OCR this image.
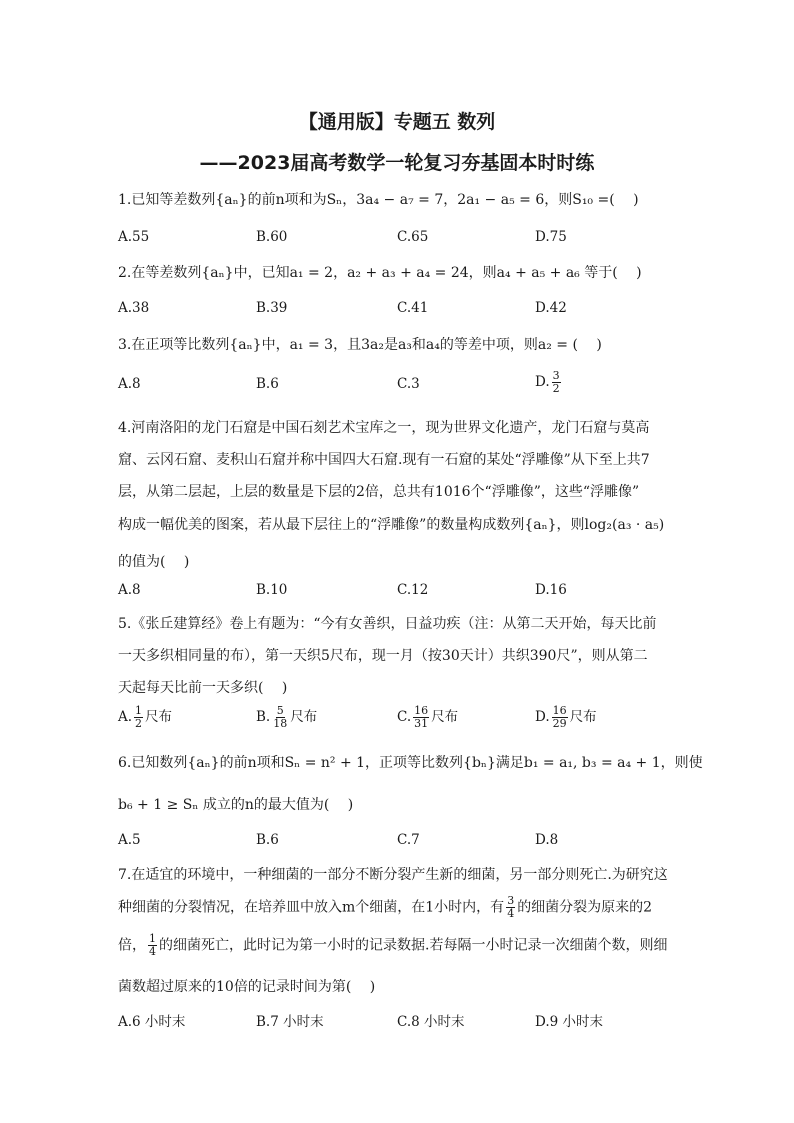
【通用版】专题五 数列
——2023届高考数学一轮复习夯基固本时时练
1.已知等差数列{aₙ}的前n项和为Sₙ，3a₄ − a₇ = 7，2a₁ − a₅ = 6，则S₁₀ =(　 )
A.55	B.60	C.65	D.75
2.在等差数列{aₙ}中，已知a₁ = 2，a₂ + a₃ + a₄ = 24，则a₄ + a₅ + a₆ 等于(　 )
A.38	B.39	C.41	D.42
3.在正项等比数列{aₙ}中，a₁ = 3，且3a₂是a₃和a₄的等差中项，则a₂ = (　 )
A.8	B.6	C.3	D. $\frac{3}{2}$
4.河南洛阳的龙门石窟是中国石刻艺术宝库之一，现为世界文化遗产，龙门石窟与莫高
窟、云冈石窟、麦积山石窟并称中国四大石窟.现有一石窟的某处“浮雕像”从下至上共7
层，从第二层起，上层的数量是下层的2倍，总共有1016个“浮雕像”，这些“浮雕像”
构成一幅优美的图案，若从最下层往上的“浮雕像”的数量构成数列{aₙ}，则log₂(a₃ · a₅)
的值为(　 )
A.8	B.10	C.12	D.16
5.《张丘建算经》卷上有题为：“今有女善织，日益功疾（注：从第二天开始，每天比前
一天多织相同量的布），第一天织5尺布，现一月（按30天计）共织390尺”，则从第二
天起每天比前一天多织(　 )
A. $\frac{1}{2}$ 尺布	B. $\frac{5}{18}$ 尺布	C. $\frac{16}{31}$ 尺布	D. $\frac{16}{29}$ 尺布
6.已知数列{aₙ}的前n项和Sₙ = n² + 1，正项等比数列{bₙ}满足b₁ = a₁, b₃ = a₄ + 1，则使
b₆ + 1 ≥ Sₙ 成立的n的最大值为(　 )
A.5	B.6	C.7	D.8
7.在适宜的环境中，一种细菌的一部分不断分裂产生新的细菌，另一部分则死亡.为研究这
种细菌的分裂情况，在培养皿中放入m个细菌，在1小时内，有 $\frac{3}{4}$ 的细菌分裂为原来的2
倍， $\frac{1}{4}$ 的细菌死亡，此时记为第一小时的记录数据.若每隔一小时记录一次细菌个数，则细
菌数超过原来的10倍的记录时间为第(　 )
A.6 小时末	B.7 小时末	C.8 小时末	D.9 小时末
